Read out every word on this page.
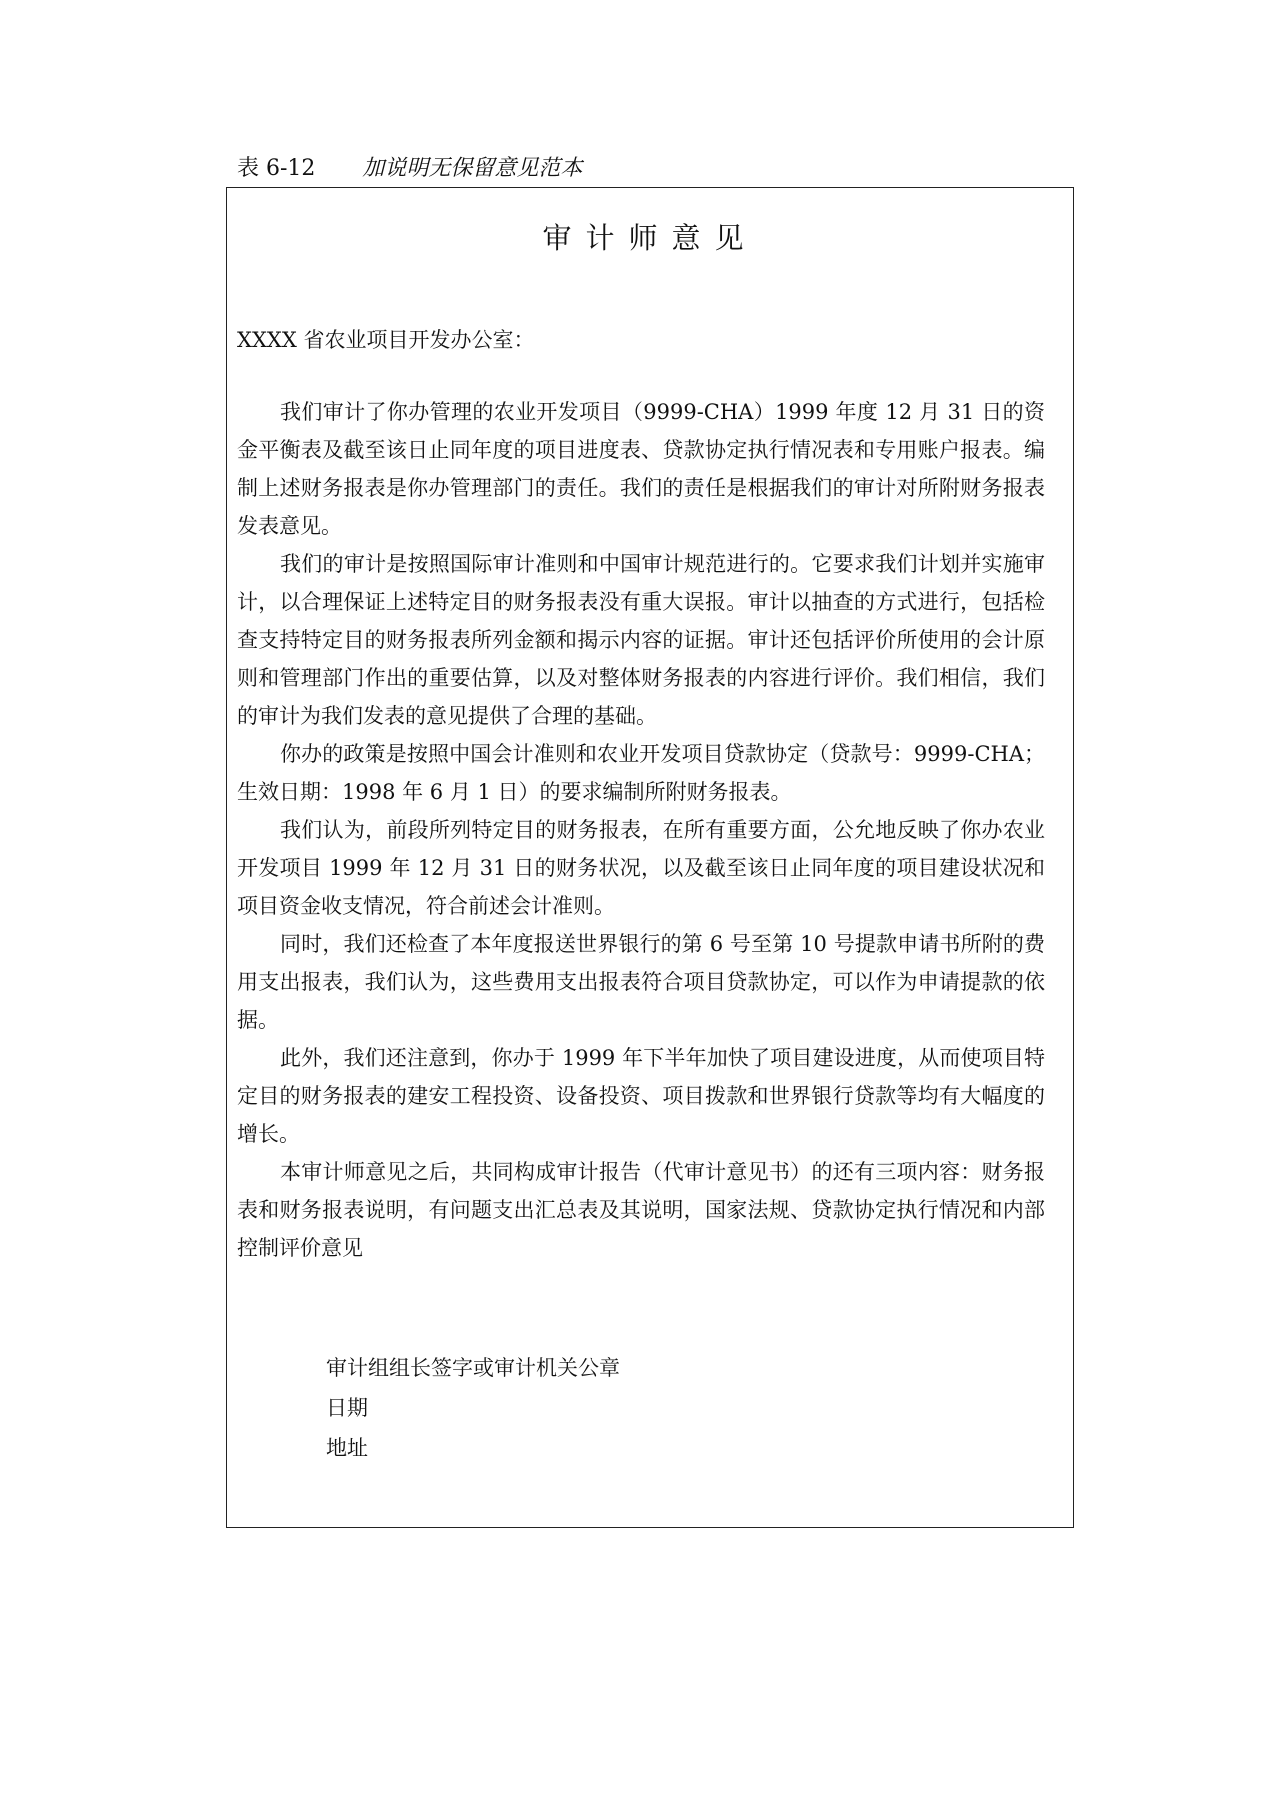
表 6-12 加说明无保留意见范本
审计师意见
XXXX 省农业项目开发办公室：

我们审计了你办管理的农业开发项目（9999-CHA）1999 年度 12 月 31 日的资金平衡表及截至该日止同年度的项目进度表、贷款协定执行情况表和专用账户报表。编制上述财务报表是你办管理部门的责任。我们的责任是根据我们的审计对所附财务报表发表意见。

我们的审计是按照国际审计准则和中国审计规范进行的。它要求我们计划并实施审计，以合理保证上述特定目的财务报表没有重大误报。审计以抽查的方式进行，包括检查支持特定目的财务报表所列金额和揭示内容的证据。审计还包括评价所使用的会计原则和管理部门作出的重要估算，以及对整体财务报表的内容进行评价。我们相信，我们的审计为我们发表的意见提供了合理的基础。

你办的政策是按照中国会计准则和农业开发项目贷款协定（贷款号：9999-CHA；生效日期：1998 年 6 月 1 日）的要求编制所附财务报表。

我们认为，前段所列特定目的财务报表，在所有重要方面，公允地反映了你办农业开发项目 1999 年 12 月 31 日的财务状况，以及截至该日止同年度的项目建设状况和项目资金收支情况，符合前述会计准则。

同时，我们还检查了本年度报送世界银行的第 6 号至第 10 号提款申请书所附的费用支出报表，我们认为，这些费用支出报表符合项目贷款协定，可以作为申请提款的依据。

此外，我们还注意到，你办于 1999 年下半年加快了项目建设进度，从而使项目特定目的财务报表的建安工程投资、设备投资、项目拨款和世界银行贷款等均有大幅度的增长。

本审计师意见之后，共同构成审计报告（代审计意见书）的还有三项内容：财务报表和财务报表说明，有问题支出汇总表及其说明，国家法规、贷款协定执行情况和内部控制评价意见

审计组组长签字或审计机关公章
日期
地址
